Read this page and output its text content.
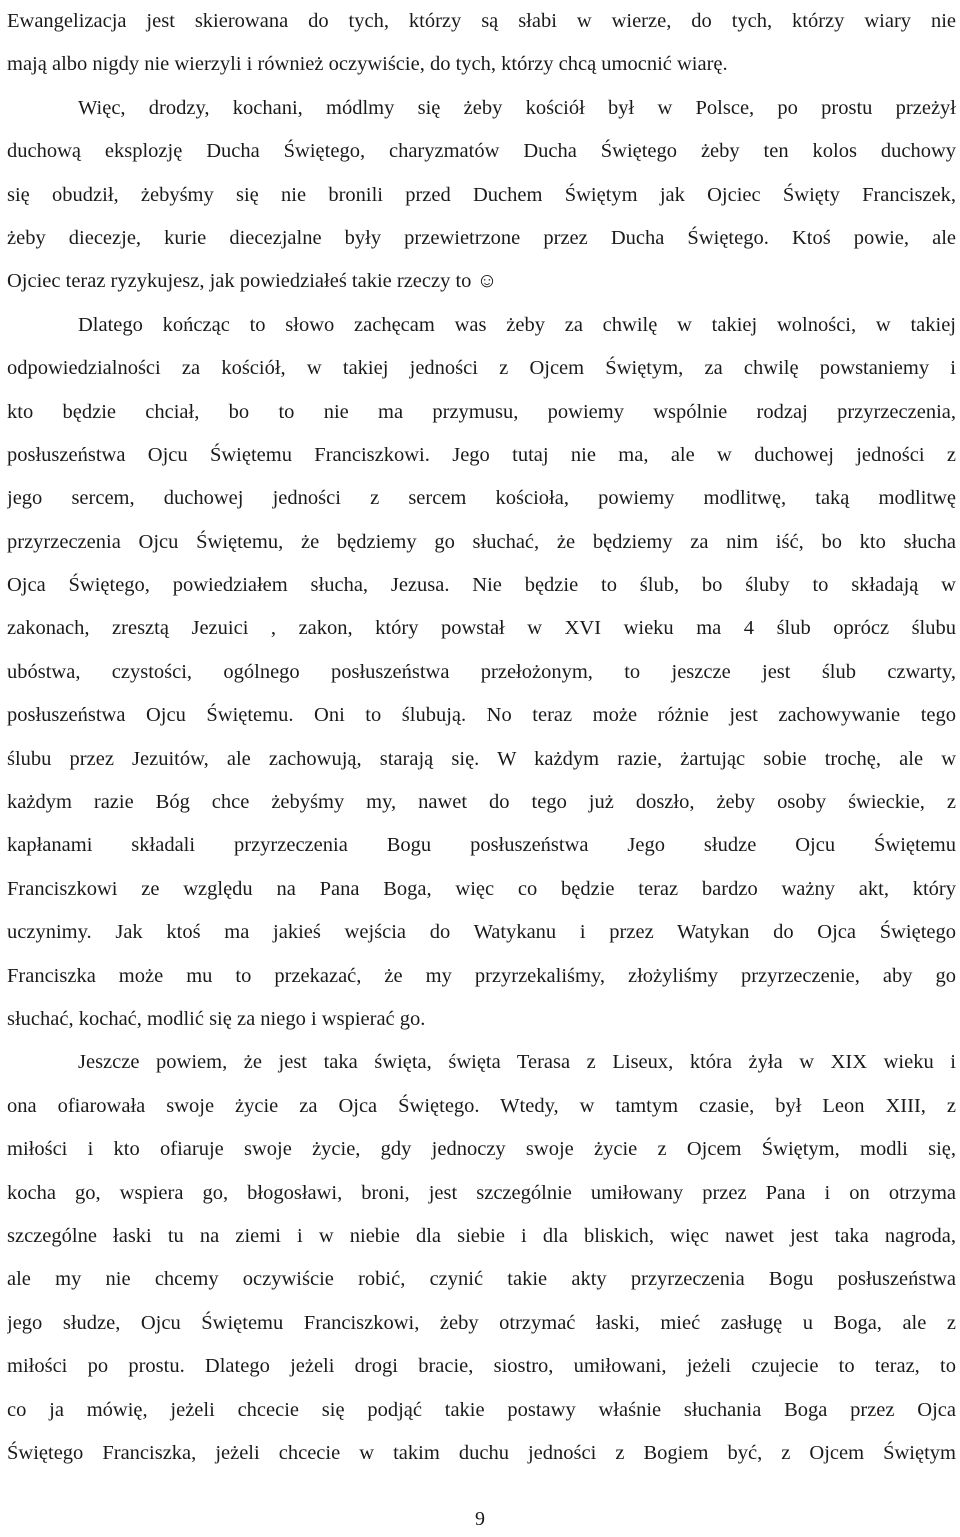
Ewangelizacja jest skierowana do tych, którzy są słabi w wierze, do tych, którzy wiary nie
mają albo nigdy nie wierzyli i również oczywiście, do tych, którzy chcą umocnić wiarę.
Więc, drodzy, kochani, módlmy się żeby kościół był w Polsce, po prostu przeżył
duchową eksplozję Ducha Świętego, charyzmatów Ducha Świętego żeby ten kolos duchowy
się obudził, żebyśmy się nie bronili przed Duchem Świętym jak Ojciec Święty Franciszek,
żeby diecezje, kurie diecezjalne były przewietrzone przez Ducha Świętego. Ktoś powie, ale
Ojciec teraz ryzykujesz, jak powiedziałeś takie rzeczy to ☺
Dlatego kończąc to słowo zachęcam was żeby za chwilę w takiej wolności, w takiej
odpowiedzialności za kościół, w takiej jedności z Ojcem Świętym, za chwilę powstaniemy i
kto będzie chciał, bo to nie ma przymusu, powiemy wspólnie rodzaj przyrzeczenia,
posłuszeństwa Ojcu Świętemu Franciszkowi. Jego tutaj nie ma, ale w duchowej jedności z
jego sercem, duchowej jedności z sercem kościoła, powiemy modlitwę, taką modlitwę
przyrzeczenia Ojcu Świętemu, że będziemy go słuchać, że będziemy za nim iść, bo kto słucha
Ojca Świętego, powiedziałem słucha, Jezusa. Nie będzie to ślub, bo śluby to składają w
zakonach, zresztą Jezuici , zakon, który powstał w XVI wieku ma 4 ślub oprócz ślubu
ubóstwa, czystości, ogólnego posłuszeństwa przełożonym, to jeszcze jest ślub czwarty,
posłuszeństwa Ojcu Świętemu. Oni to ślubują. No teraz może różnie jest zachowywanie tego
ślubu przez Jezuitów, ale zachowują, starają się. W każdym razie, żartując sobie trochę, ale w
każdym razie Bóg chce żebyśmy my, nawet do tego już doszło, żeby osoby świeckie, z
kapłanami składali przyrzeczenia Bogu posłuszeństwa Jego słudze Ojcu Świętemu
Franciszkowi ze względu na Pana Boga, więc co będzie teraz bardzo ważny akt, który
uczynimy. Jak ktoś ma jakieś wejścia do Watykanu i przez Watykan do Ojca Świętego
Franciszka może mu to przekazać, że my przyrzekaliśmy, złożyliśmy przyrzeczenie, aby go
słuchać, kochać, modlić się za niego i wspierać go.
Jeszcze powiem, że jest taka święta, święta Terasa z Liseux, która żyła w XIX wieku i
ona ofiarowała swoje życie za Ojca Świętego. Wtedy, w tamtym czasie, był Leon XIII, z
miłości i kto ofiaruje swoje życie, gdy jednoczy swoje życie z Ojcem Świętym, modli się,
kocha go, wspiera go, błogosławi, broni, jest szczególnie umiłowany przez Pana i on otrzyma
szczególne łaski tu na ziemi i w niebie dla siebie i dla bliskich, więc nawet jest taka nagroda,
ale my nie chcemy oczywiście robić, czynić takie akty przyrzeczenia Bogu posłuszeństwa
jego słudze, Ojcu Świętemu Franciszkowi, żeby otrzymać łaski, mieć zasługę u Boga, ale z
miłości po prostu. Dlatego jeżeli drogi bracie, siostro, umiłowani, jeżeli czujecie to teraz, to
co ja mówię, jeżeli chcecie się podjąć takie postawy właśnie słuchania Boga przez Ojca
Świętego Franciszka, jeżeli chcecie w takim duchu jedności z Bogiem być, z Ojcem Świętym
9
